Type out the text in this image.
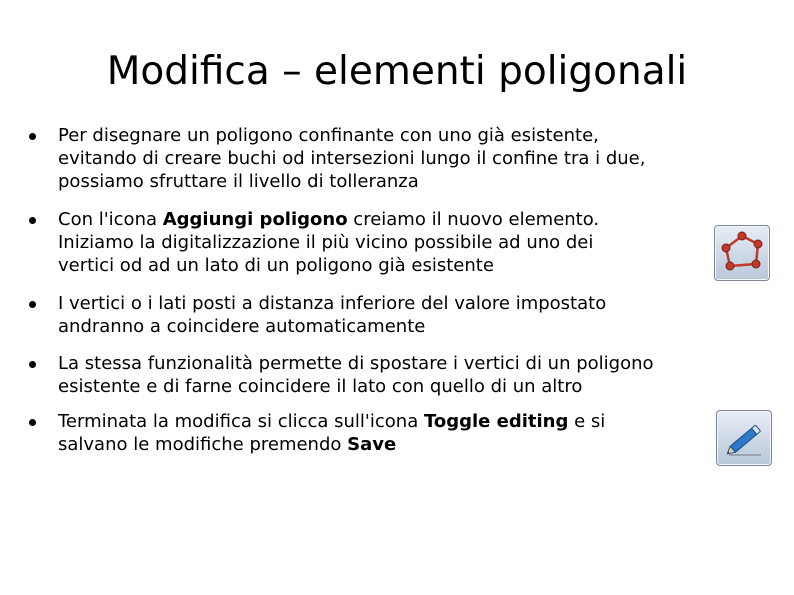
Modifica – elementi poligonali
Per disegnare un poligono confinante con uno già esistente,
evitando di creare buchi od intersezioni lungo il confine tra i due,
possiamo sfruttare il livello di tolleranza
Con l'icona Aggiungi poligono creiamo il nuovo elemento.
Iniziamo la digitalizzazione il più vicino possibile ad uno dei
vertici od ad un lato di un poligono già esistente
I vertici o i lati posti a distanza inferiore del valore impostato
andranno a coincidere automaticamente
La stessa funzionalità permette di spostare i vertici di un poligono
esistente e di farne coincidere il lato con quello di un altro
Terminata la modifica si clicca sull'icona Toggle editing e si
salvano le modifiche premendo Save
